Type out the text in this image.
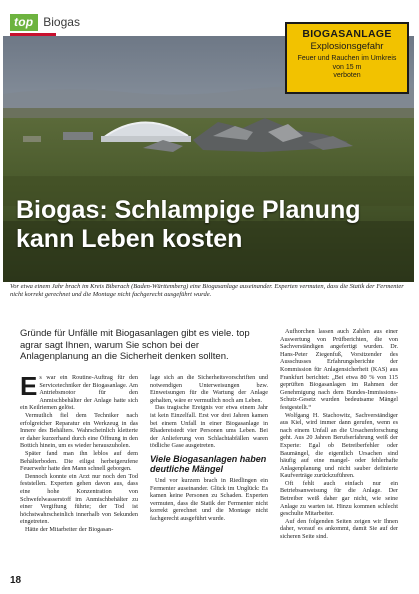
top Biogas
BIOGASANLAGE
Explosionsgefahr
Feuer und Rauchen im Umkreis von 15 m
verboten
Biogas: Schlampige Planung kann Leben kosten
Vor etwa einem Jahr brach im Kreis Biberach (Baden-Württemberg) eine Biogasanlage auseinander. Experten vermuten, dass die Statik der Fermenter nicht korrekt gerechnet und die Montage nicht fachgerecht ausgeführt wurde.
Gründe für Unfälle mit Biogasanlagen gibt es viele. top agrar sagt Ihnen, warum Sie schon bei der Anlagenplanung an die Sicherheit denken sollten.

Es war ein Routine-Auftrag für den Servicetechniker der Biogasanlage. Am Antriebsmotor für den Anmischbehälter der Anlage hatte sich ein Keilriemen gelöst.

Vermutlich fiel dem Techniker nach erfolgreicher Reparatur ein Werkzeug in das Innere des Behälters. Wahrscheinlich kletterte er daher kurzerhand durch eine Öffnung in den Bottich hinein, um es wieder herauszuholen.

Später fand man ihn leblos auf dem Behälterboden. Die eiligst herbeigerufene Feuerwehr hatte den Mann schnell geborgen.

Dennoch konnte ein Arzt nur noch den Tod feststellen. Experten gehen davon aus, dass eine hohe Konzentration von Schwefelwasserstoff im Anmischbehälter zu einer Vergiftung führte; der Tod ist höchstwahrscheinlich innerhalb von Sekunden eingetreten.

Hätte der Mitarbeiter der Biogasan-

lage sich an die Sicherheitsvorschriften und notwendigen Unterweisungen bzw. Einweisungen für die Wartung der Anlage gehalten, wäre er vermutlich noch am Leben.

Das tragische Ereignis vor etwa einem Jahr ist kein Einzelfall. Erst vor drei Jahren kamen bei einem Unfall in einer Biogasanlage in Rhadereistedt vier Personen ums Leben. Bei der Anlieferung von Schlachtabfällen waren tödliche Gase ausgetreten.

Viele Biogasanlagen haben deutliche Mängel

Und vor kurzem brach in Riedlingen ein Fermenter auseinander. Glück im Unglück: Es kamen keine Personen zu Schaden. Experten vermuten, dass die Statik der Fermenter nicht korrekt gerechnet und die Montage nicht fachgerecht ausgeführt wurde.

Aufhorchen lassen auch Zahlen aus einer Auswertung von Prüfberichten, die von Sachverständigen angefertigt wurden. Dr. Hans-Peter Ziegenfuß, Vorsitzender des Ausschusses Erfahrungsberichte der Kommission für Anlagensicherheit (KAS) aus Frankfurt berichtet: „Bei etwa 80 % von 115 geprüften Biogasanlagen im Rahmen der Genehmigung nach dem Bundes-Immissions-Schutz-Gesetz wurden bedeutsame Mängel festgestellt.“

Wolfgang H. Stachowitz, Sachverständiger aus Kiel, wird immer dann gerufen, wenn es nach einem Unfall an die Ursachenforschung geht. Aus 20 Jahren Berufserfahrung weiß der Experte: Egal ob Betreiberfehler oder Baumängel, die eigentlich Ursachen sind häufig auf eine mangel- oder fehlerhafte Anlagenplanung und nicht sauber definierte Kaufverträge zurückzuführen.

Oft fehlt auch einfach nur ein Betriebsanweisung für die Anlage. Der Betreiber weiß daher gar nicht, wie seine Anlage zu warten ist. Hinzu kommen schlecht geschulte Mitarbeiter.

Auf den folgenden Seiten zeigen wir Ihnen daher, worauf es ankommt, damit Sie auf der sicheren Seite sind.

18
